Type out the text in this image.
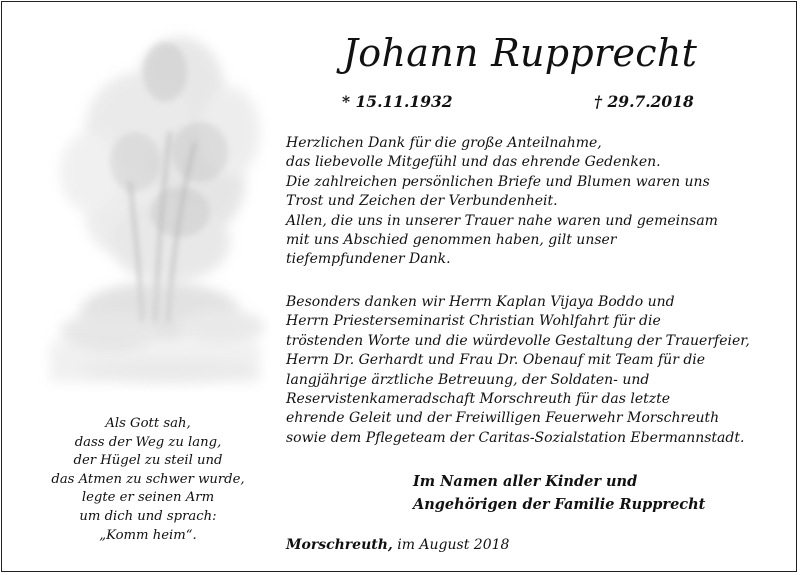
Als Gott sah,
dass der Weg zu lang,
der Hügel zu steil und
das Atmen zu schwer wurde,
legte er seinen Arm
um dich und sprach:
„Komm heim“.
Johann Rupprecht
* 15.11.1932	† 29.7.2018
Herzlichen Dank für die große Anteilnahme,
das liebevolle Mitgefühl und das ehrende Gedenken.
Die zahlreichen persönlichen Briefe und Blumen waren uns
Trost und Zeichen der Verbundenheit.
Allen, die uns in unserer Trauer nahe waren und gemeinsam
mit uns Abschied genommen haben, gilt unser
tiefempfundener Dank.
Besonders danken wir Herrn Kaplan Vijaya Boddo und
Herrn Priesterseminarist Christian Wohlfahrt für die
tröstenden Worte und die würdevolle Gestaltung der Trauerfeier,
Herrn Dr. Gerhardt und Frau Dr. Obenauf mit Team für die
langjährige ärztliche Betreuung, der Soldaten- und
Reservistenkameradschaft Morschreuth für das letzte
ehrende Geleit und der Freiwilligen Feuerwehr Morschreuth
sowie dem Pflegeteam der Caritas-Sozialstation Ebermannstadt.
Im Namen aller Kinder und
Angehörigen der Familie Rupprecht
Morschreuth, im August 2018
